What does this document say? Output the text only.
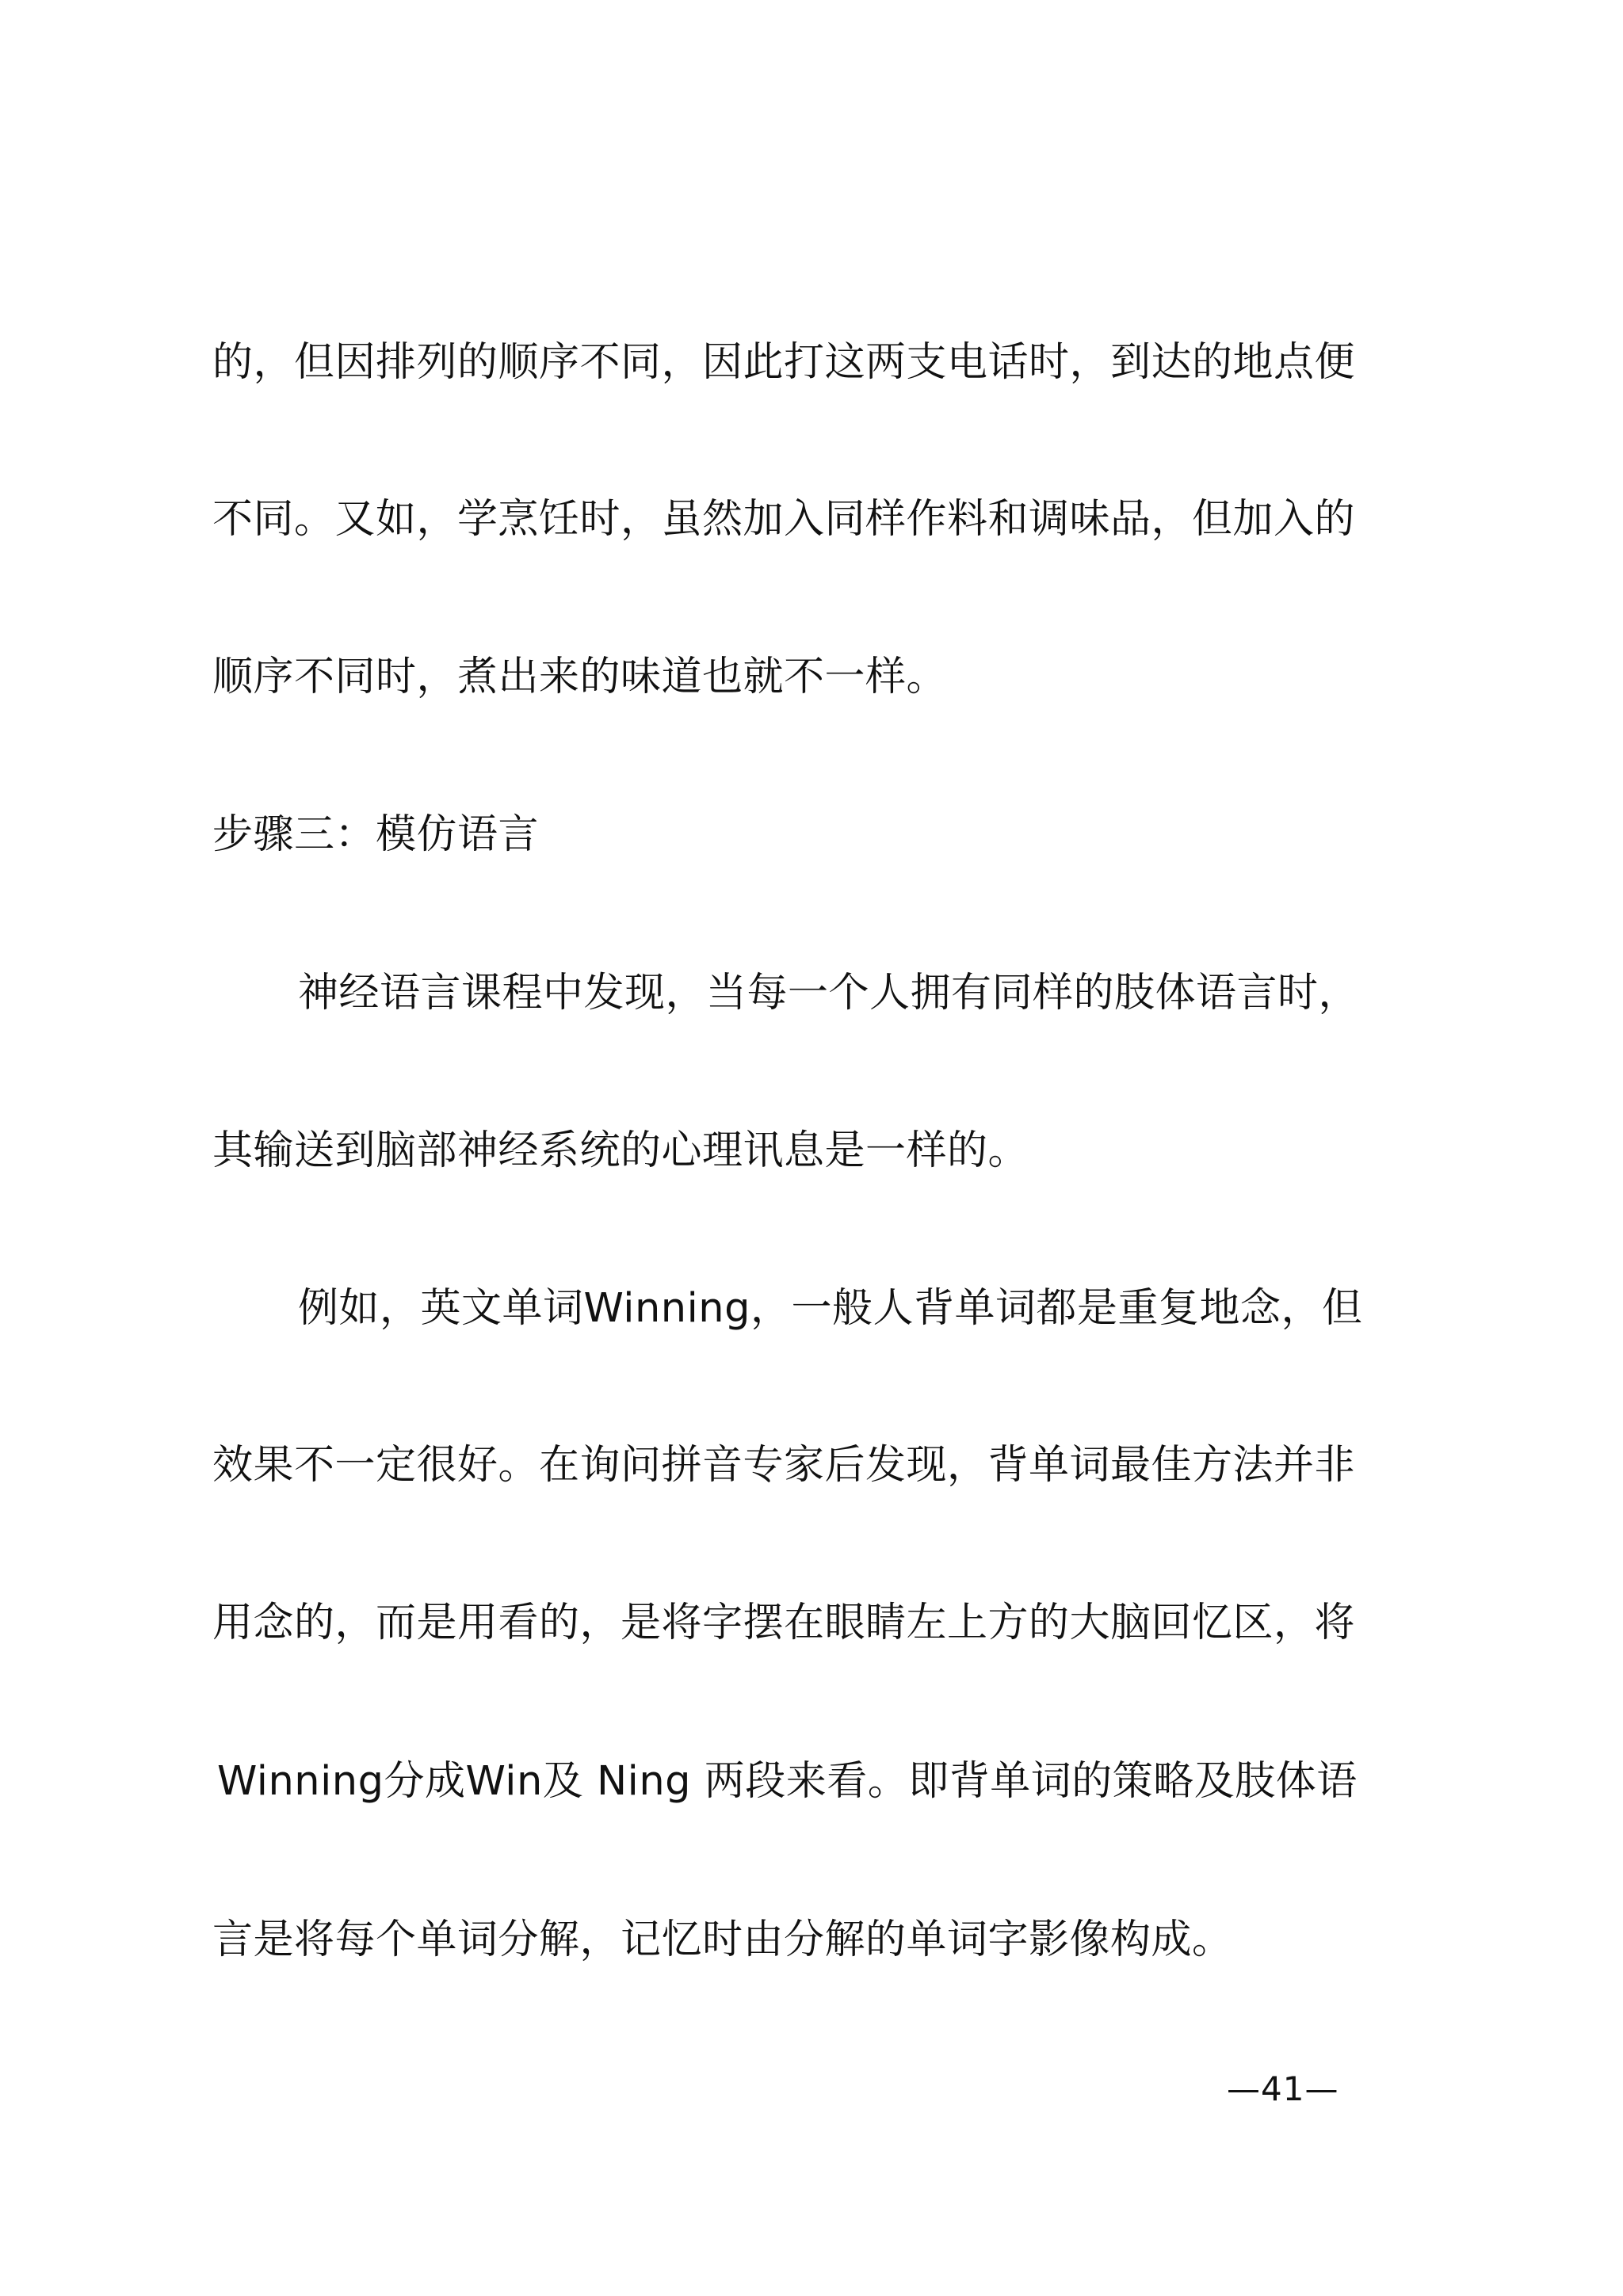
的，但因排列的顺序不同，因此打这两支电话时，到达的地点便
不同。又如，学烹饪时，虽然加入同样作料和调味品，但加入的
顺序不同时，煮出来的味道也就不一样。
步骤三：模仿语言
神经语言课程中发现，当每一个人拥有同样的肢体语言时，
其输送到脑部神经系统的心理讯息是一样的。
例如，英文单词Winning，一般人背单词都是重复地念，但
效果不一定很好。在询问拼音专家后发现，背单词最佳方法并非
用念的，而是用看的，是将字摆在眼睛左上方的大脑回忆区，将
Winning分成Win及 Ning 两段来看。即背单词的策略及肢体语
言是将每个单词分解，记忆时由分解的单词字影像构成。
—41—
